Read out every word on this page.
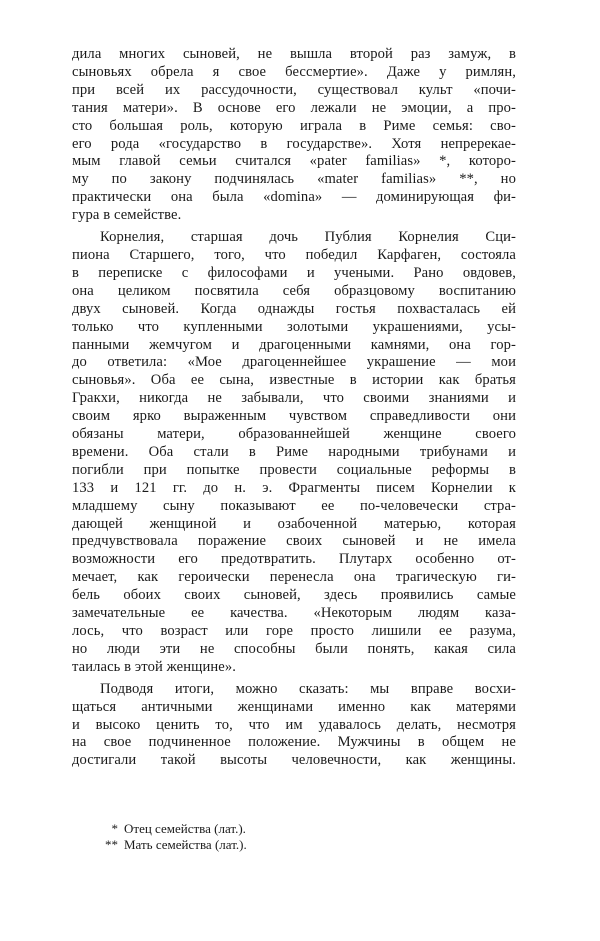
дила многих сыновей, не вышла второй раз замуж, в
сыновьях обрела я свое бессмертие». Даже у римлян,
при всей их рассудочности, существовал культ «почи-
тания матери». В основе его лежали не эмоции, а про-
сто большая роль, которую играла в Риме семья: сво-
его рода «государство в государстве». Хотя непререкае-
мым главой семьи считался «pater familias» *, которо-
му по закону подчинялась «mater familias» **, но
практически она была «domina» — доминирующая фи-
гура в семействе.

Корнелия, старшая дочь Публия Корнелия Сци-
пиона Старшего, того, что победил Карфаген, состояла
в переписке с философами и учеными. Рано овдовев,
она целиком посвятила себя образцовому воспитанию
двух сыновей. Когда однажды гостья похвасталась ей
только что купленными золотыми украшениями, усы-
панными жемчугом и драгоценными камнями, она гор-
до ответила: «Мое драгоценнейшее украшение — мои
сыновья». Оба ее сына, известные в истории как братья
Гракхи, никогда не забывали, что своими знаниями и
своим ярко выраженным чувством справедливости они
обязаны матери, образованнейшей женщине своего
времени. Оба стали в Риме народными трибунами и
погибли при попытке провести социальные реформы в
133 и 121 гг. до н. э. Фрагменты писем Корнелии к
младшему сыну показывают ее по-человечески стра-
дающей женщиной и озабоченной матерью, которая
предчувствовала поражение своих сыновей и не имела
возможности его предотвратить. Плутарх особенно от-
мечает, как героически перенесла она трагическую ги-
бель обоих своих сыновей, здесь проявились самые
замечательные ее качества. «Некоторым людям каза-
лось, что возраст или горе просто лишили ее разума,
но люди эти не способны были понять, какая сила
таилась в этой женщине».

Подводя итоги, можно сказать: мы вправе восхи-
щаться античными женщинами именно как матерями
и высоко ценить то, что им удавалось делать, несмотря
на свое подчиненное положение. Мужчины в общем не
достигали такой высоты человечности, как женщины.

* Отец семейства (лат.).
** Мать семейства (лат.).
